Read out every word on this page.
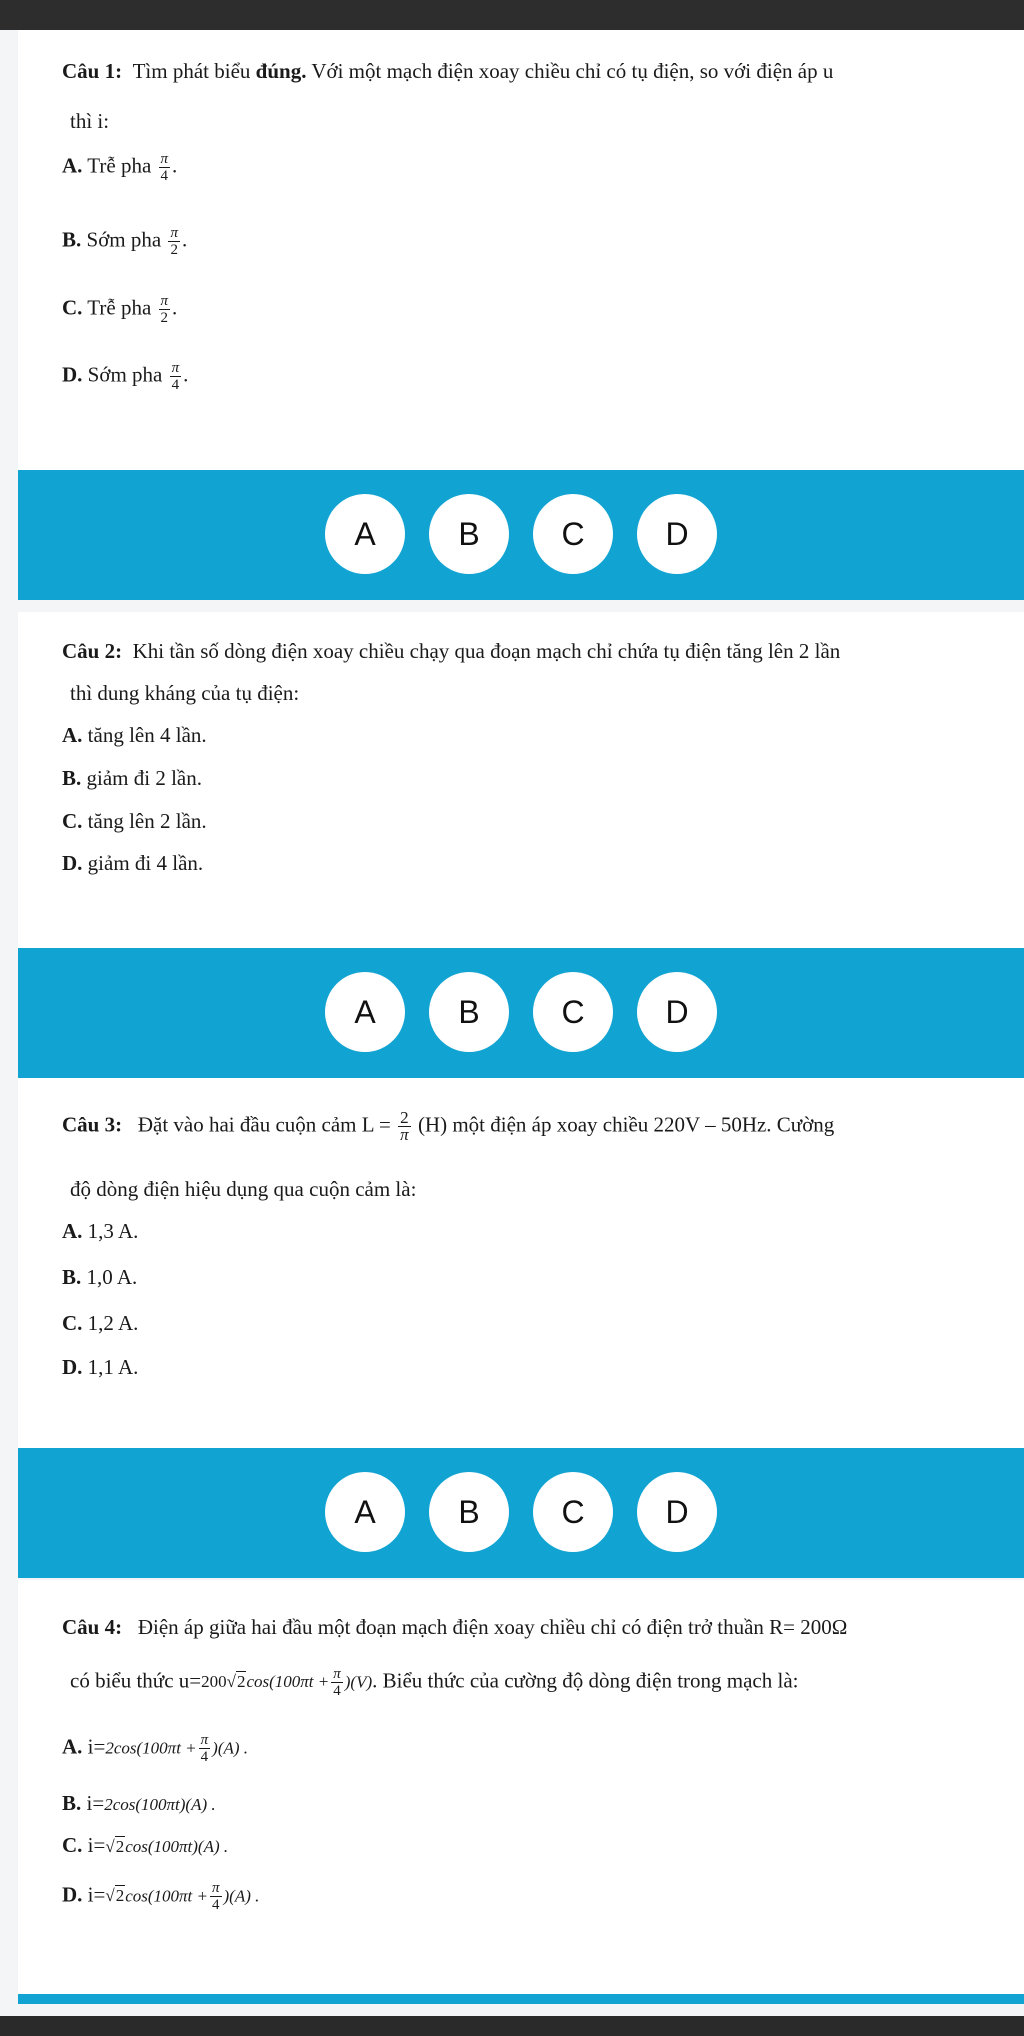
Câu 1: Tìm phát biểu đúng. Với một mạch điện xoay chiều chỉ có tụ điện, so với điện áp u
thì i:
A. Trễ pha $\frac{\pi}{4}$ .
B. Sớm pha $\frac{\pi}{2}$ .
C. Trễ pha $\frac{\pi}{2}$ .
D. Sớm pha $\frac{\pi}{4}$ .
A	B	C	D
Câu 2: Khi tần số dòng điện xoay chiều chạy qua đoạn mạch chỉ chứa tụ điện tăng lên 2 lần
thì dung kháng của tụ điện:
A. tăng lên 4 lần.
B. giảm đi 2 lần.
C. tăng lên 2 lần.
D. giảm đi 4 lần.
A	B	C	D
Câu 3: Đặt vào hai đầu cuộn cảm $L = \frac{2}{\pi} (H)$ một điện áp xoay chiều 220V – 50Hz. Cường
độ dòng điện hiệu dụng qua cuộn cảm là:
A. 1,3 A.
B. 1,0 A.
C. 1,2 A.
D. 1,1 A.
A	B	C	D
Câu 4: Điện áp giữa hai đầu một đoạn mạch điện xoay chiều chỉ có điện trở thuần R= 200Ω
có biểu thức $u=200√2\cos(100\pi t + \frac{\pi}{4} )(V)$. Biểu thức của cường độ dòng điện trong mạch là:
A. $i=2\cos(100\pi t + \frac{\pi}{4} )(A)$ .
B. i=2cos(100πt)(A) .
C. i=√2cos(100πt)(A) .
D. $i=√2\cos(100\pi t + \frac{\pi}{4} )(A)$ .
